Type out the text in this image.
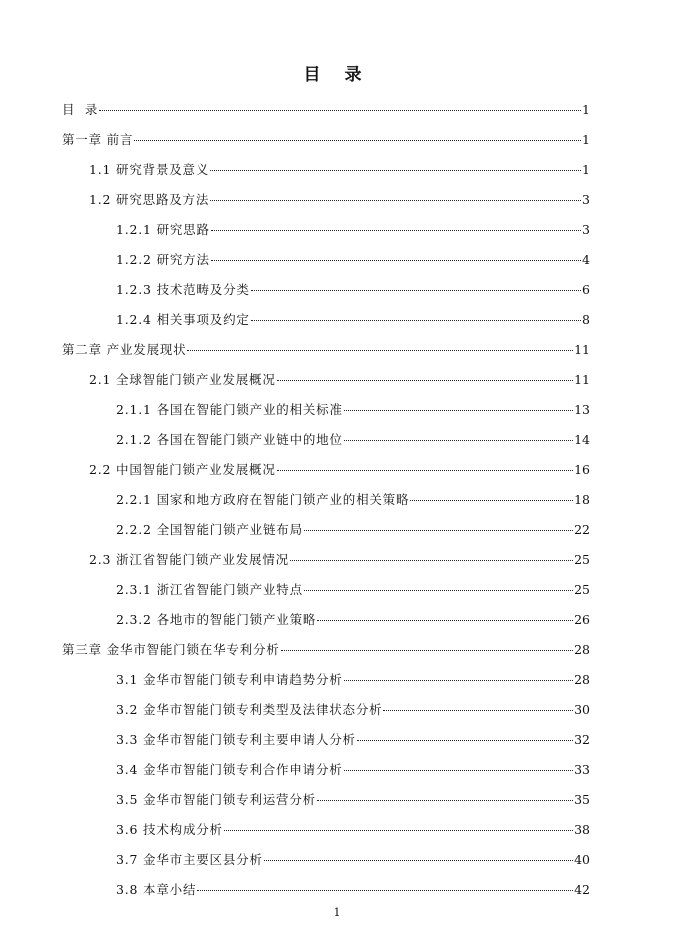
目 录
目  录	1
第一章 前言	1
1.1 研究背景及意义	1
1.2 研究思路及方法	3
1.2.1 研究思路	3
1.2.2 研究方法	4
1.2.3 技术范畴及分类	6
1.2.4 相关事项及约定	8
第二章 产业发展现状	11
2.1 全球智能门锁产业发展概况	11
2.1.1 各国在智能门锁产业的相关标准	13
2.1.2 各国在智能门锁产业链中的地位	14
2.2 中国智能门锁产业发展概况	16
2.2.1 国家和地方政府在智能门锁产业的相关策略	18
2.2.2 全国智能门锁产业链布局	22
2.3 浙江省智能门锁产业发展情况	25
2.3.1 浙江省智能门锁产业特点	25
2.3.2 各地市的智能门锁产业策略	26
第三章 金华市智能门锁在华专利分析	28
3.1 金华市智能门锁专利申请趋势分析	28
3.2 金华市智能门锁专利类型及法律状态分析	30
3.3 金华市智能门锁专利主要申请人分析	32
3.4 金华市智能门锁专利合作申请分析	33
3.5 金华市智能门锁专利运营分析	35
3.6 技术构成分析	38
3.7 金华市主要区县分析	40
3.8 本章小结	42
1
